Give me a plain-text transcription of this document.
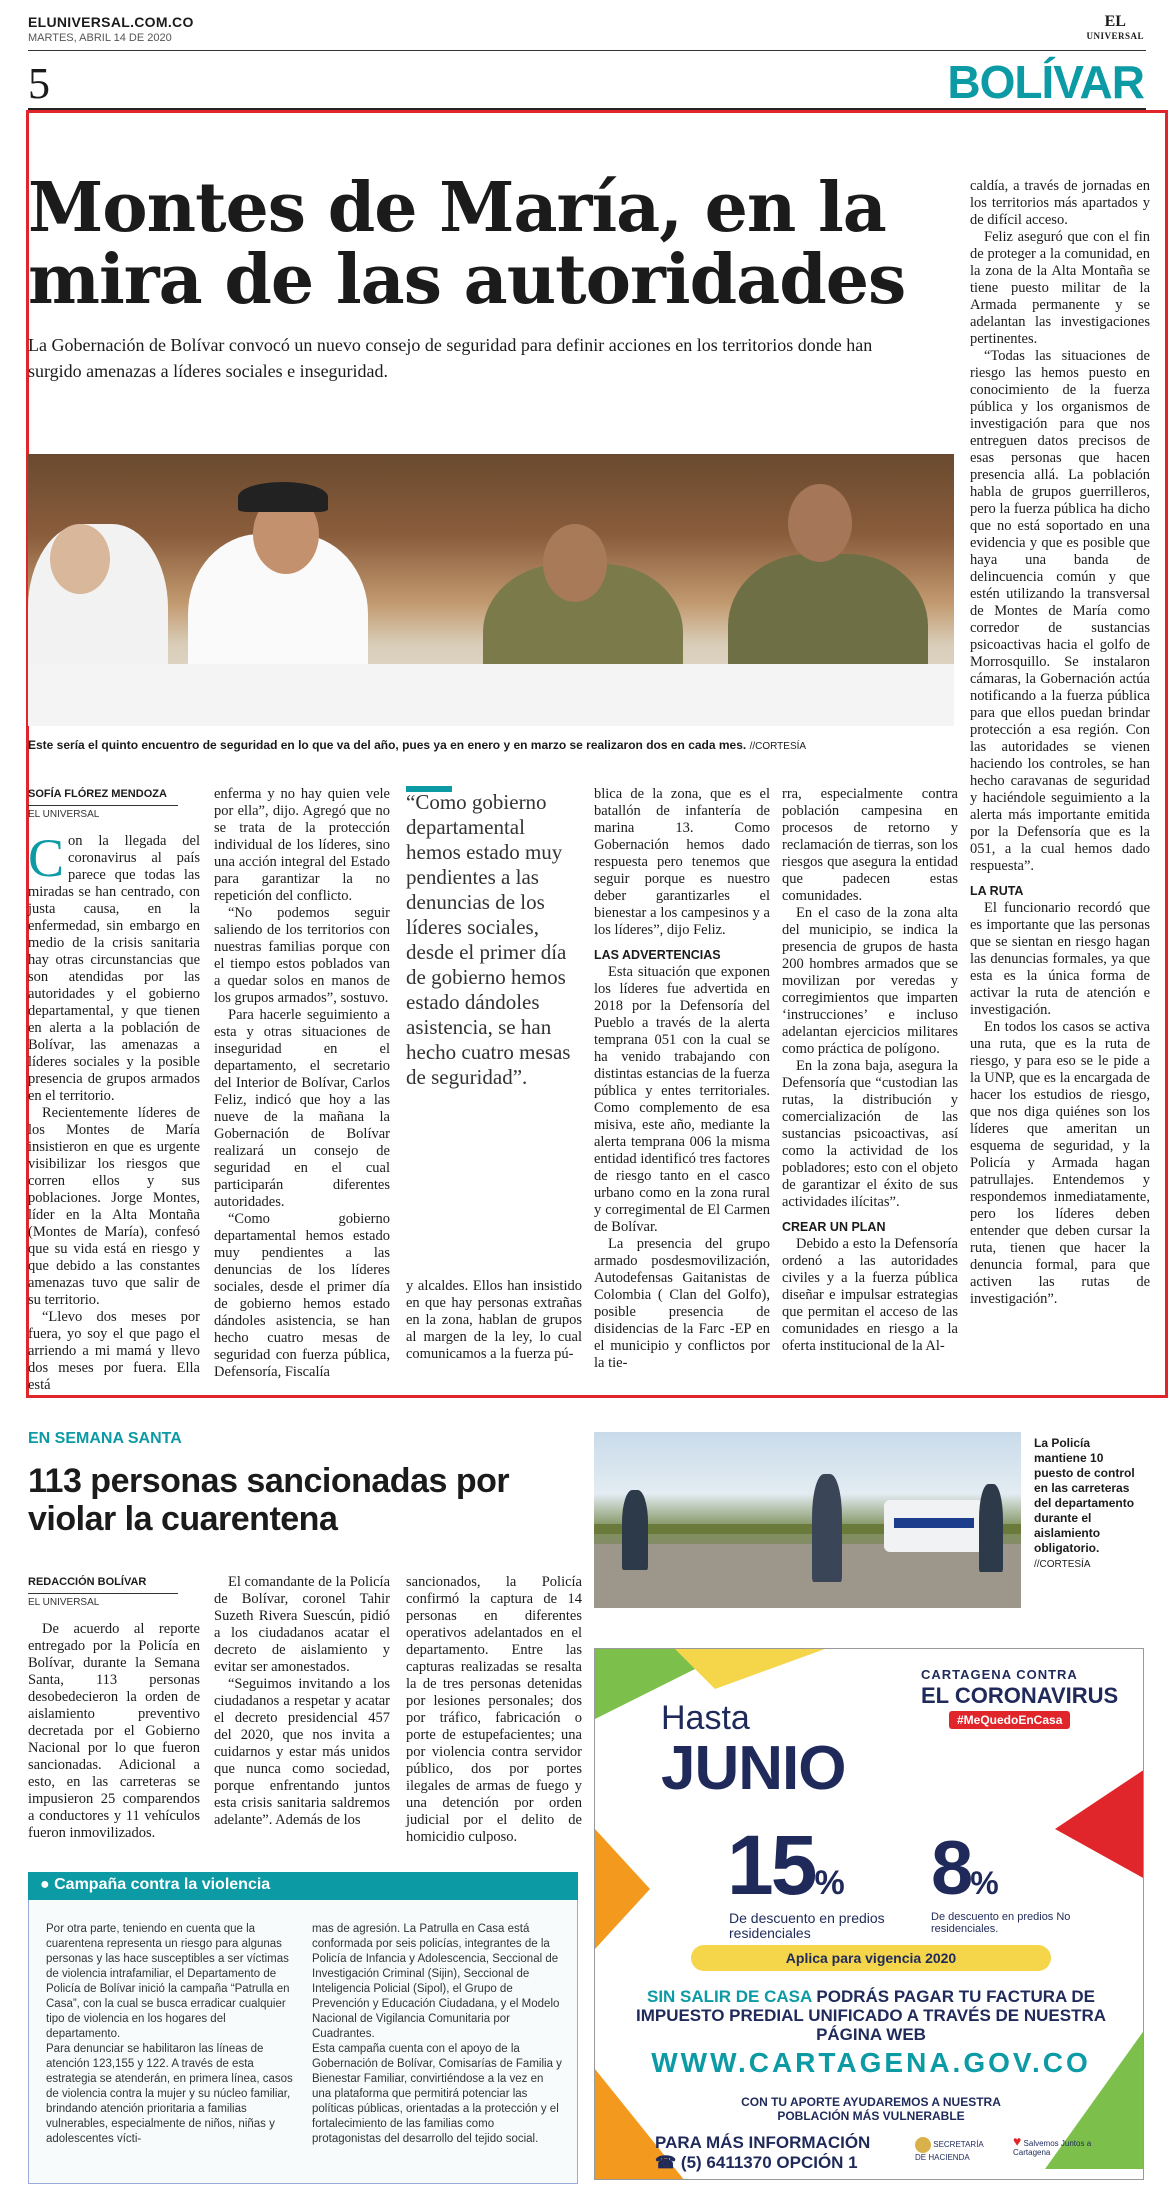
ELUNIVERSAL.COM.CO
MARTES, ABRIL 14 DE 2020
EL
UNIVERSAL
5	BOLÍVAR
Montes de María, en la mira de las autoridades
La Gobernación de Bolívar convocó un nuevo consejo de seguridad para definir acciones en los territorios donde han surgido amenazas a líderes sociales e inseguridad.
Este sería el quinto encuentro de seguridad en lo que va del año, pues ya en enero y en marzo se realizaron dos en cada mes. //CORTESÍA
SOFÍA FLÓREZ MENDOZA
EL UNIVERSAL
Con la llegada del coronavirus al país parece que todas las miradas se han centrado, con justa causa, en la enfermedad, sin embargo en medio de la crisis sanitaria hay otras circunstancias que son atendidas por las autoridades y el gobierno departamental, y que tienen en alerta a la población de Bolívar, las amenazas a líderes sociales y la posible presencia de grupos armados en el territorio.

Recientemente líderes de los Montes de María insistieron en que es urgente visibilizar los riesgos que corren ellos y sus poblaciones. Jorge Montes, líder en la Alta Montaña (Montes de María), confesó que su vida está en riesgo y que debido a las constantes amenazas tuvo que salir de su territorio.

“Llevo dos meses por fuera, yo soy el que pago el arriendo a mi mamá y llevo dos meses por fuera. Ella está

enferma y no hay quien vele por ella”, dijo. Agregó que no se trata de la protección individual de los líderes, sino una acción integral del Estado para garantizar la no repetición del conflicto.

“No podemos seguir saliendo de los territorios con nuestras familias porque con el tiempo estos poblados van a quedar solos en manos de los grupos armados”, sostuvo.

Para hacerle seguimiento a esta y otras situaciones de inseguridad en el departamento, el secretario del Interior de Bolívar, Carlos Feliz, indicó que hoy a las nueve de la mañana la Gobernación de Bolívar realizará un consejo de seguridad en el cual participarán diferentes autoridades.

“Como gobierno departamental hemos estado muy pendientes a las denuncias de los líderes sociales, desde el primer día de gobierno hemos estado dándoles asistencia, se han hecho cuatro mesas de seguridad con fuerza pública, Defensoría, Fiscalía

“Como gobierno departamental hemos estado muy pendientes a las denuncias de los líderes sociales, desde el primer día de gobierno hemos estado dándoles asistencia, se han hecho cuatro mesas de seguridad”.
y alcaldes. Ellos han insistido en que hay personas extrañas en la zona, hablan de grupos al margen de la ley, lo cual comunicamos a la fuerza pú-
blica de la zona, que es el batallón de infantería de marina 13. Como Gobernación hemos dado respuesta pero tenemos que seguir porque es nuestro deber garantizarles el bienestar a los campesinos y a los líderes”, dijo Feliz.
LAS ADVERTENCIAS

Esta situación que exponen los líderes fue advertida en 2018 por la Defensoría del Pueblo a través de la alerta temprana 051 con la cual se ha venido trabajando con distintas estancias de la fuerza pública y entes territoriales. Como complemento de esa misiva, este año, mediante la alerta temprana 006 la misma entidad identificó tres factores de riesgo tanto en el casco urbano como en la zona rural y corregimental de El Carmen de Bolívar.

La presencia del grupo armado posdesmovilización, Autodefensas Gaitanistas de Colombia ( Clan del Golfo), posible presencia de disidencias de la Farc -EP en el municipio y conflictos por la tie-

rra, especialmente contra población campesina en procesos de retorno y reclamación de tierras, son los riesgos que asegura la entidad que padecen estas comunidades.

En el caso de la zona alta del municipio, se indica la presencia de grupos de hasta 200 hombres armados que se movilizan por veredas y corregimientos que imparten ‘instrucciones’ e incluso adelantan ejercicios militares como práctica de polígono.

En la zona baja, asegura la Defensoría que “custodian las rutas, la distribución y comercialización de las sustancias psicoactivas, así como la actividad de los pobladores; esto con el objeto de garantizar el éxito de sus actividades ilícitas”.

CREAR UN PLAN

Debido a esto la Defensoría ordenó a las autoridades civiles y a la fuerza pública diseñar e impulsar estrategias que permitan el acceso de las comunidades en riesgo a la oferta institucional de la Al-

caldía, a través de jornadas en los territorios más apartados y de difícil acceso.

Feliz aseguró que con el fin de proteger a la comunidad, en la zona de la Alta Montaña se tiene puesto militar de la Armada permanente y se adelantan las investigaciones pertinentes.

“Todas las situaciones de riesgo las hemos puesto en conocimiento de la fuerza pública y los organismos de investigación para que nos entreguen datos precisos de esas personas que hacen presencia allá. La población habla de grupos guerrilleros, pero la fuerza pública ha dicho que no está soportado en una evidencia y que es posible que haya una banda de delincuencia común y que estén utilizando la transversal de Montes de María como corredor de sustancias psicoactivas hacia el golfo de Morrosquillo. Se instalaron cámaras, la Gobernación actúa notificando a la fuerza pública para que ellos puedan brindar protección a esa región. Con las autoridades se vienen haciendo los controles, se han hecho caravanas de seguridad y haciéndole seguimiento a la alerta más importante emitida por la Defensoría que es la 051, a la cual hemos dado respuesta”.

LA RUTA

El funcionario recordó que es importante que las personas que se sientan en riesgo hagan las denuncias formales, ya que esta es la única forma de activar la ruta de atención e investigación.

En todos los casos se activa una ruta, que es la ruta de riesgo, y para eso se le pide a la UNP, que es la encargada de hacer los estudios de riesgo, que nos diga quiénes son los líderes que ameritan un esquema de seguridad, y la Policía y Armada hagan patrullajes. Entendemos y respondemos inmediatamente, pero los líderes deben entender que deben cursar la ruta, tienen que hacer la denuncia formal, para que activen las rutas de investigación”.

EN SEMANA SANTA
113 personas sancionadas por violar la cuarentena
REDACCIÓN BOLÍVAR
EL UNIVERSAL

De acuerdo al reporte entregado por la Policía en Bolívar, durante la Semana Santa, 113 personas desobedecieron la orden de aislamiento preventivo decretada por el Gobierno Nacional por lo que fueron sancionadas. Adicional a esto, en las carreteras se impusieron 25 comparendos a conductores y 11 vehículos fueron inmovilizados.

El comandante de la Policía de Bolívar, coronel Tahir Suzeth Rivera Suescún, pidió a los ciudadanos acatar el decreto de aislamiento y evitar ser amonestados.

“Seguimos invitando a los ciudadanos a respetar y acatar el decreto presidencial 457 del 2020, que nos invita a cuidarnos y estar más unidos que nunca como sociedad, porque enfrentando juntos esta crisis sanitaria saldremos adelante”. Además de los

sancionados, la Policía confirmó la captura de 14 personas en diferentes operativos adelantados en el departamento. Entre las capturas realizadas se resalta la de tres personas detenidas por lesiones personales; dos por tráfico, fabricación o porte de estupefacientes; una por violencia contra servidor público, dos por portes ilegales de armas de fuego y una detención por orden judicial por el delito de homicidio culposo.
La Policía mantiene 10 puesto de control en las carreteras del departamento durante el aislamiento obligatorio. //CORTESÍA
● Campaña contra la violencia
Por otra parte, teniendo en cuenta que la cuarentena representa un riesgo para algunas personas y las hace susceptibles a ser víctimas de violencia intrafamiliar, el Departamento de Policía de Bolívar inició la campaña “Patrulla en Casa”, con la cual se busca erradicar cualquier tipo de violencia en los hogares del departamento.
Para denunciar se habilitaron las líneas de atención 123,155 y 122. A través de esta estrategia se atenderán, en primera línea, casos de violencia contra la mujer y su núcleo familiar, brindando atención prioritaria a familias vulnerables, especialmente de niños, niñas y adolescentes vícti-
mas de agresión. La Patrulla en Casa está conformada por seis policías, integrantes de la Policía de Infancia y Adolescencia, Seccional de Investigación Criminal (Sijin), Seccional de Inteligencia Policial (Sipol), el Grupo de Prevención y Educación Ciudadana, y el Modelo Nacional de Vigilancia Comunitaria por Cuadrantes.
Esta campaña cuenta con el apoyo de la Gobernación de Bolívar, Comisarías de Familia y Bienestar Familiar, convirtiéndose a la vez en una plataforma que permitirá potenciar las políticas públicas, orientadas a la protección y el fortalecimiento de las familias como protagonistas del desarrollo del tejido social.
CARTAGENA CONTRA
EL CORONAVIRUS
#MeQuedoEnCasa
Hasta
JUNIO
15%
De descuento en predios residenciales
8%
De descuento en predios No residenciales.
Aplica para vigencia 2020
SIN SALIR DE CASA PODRÁS PAGAR TU FACTURA DE IMPUESTO PREDIAL UNIFICADO A TRAVÉS DE NUESTRA PÁGINA WEB
WWW.CARTAGENA.GOV.CO
CON TU APORTE AYUDAREMOS A NUESTRA POBLACIÓN MÁS VULNERABLE
PARA MÁS INFORMACIÓN
☎ (5) 6411370 OPCIÓN 1
SECRETARÍA DE HACIENDA
♥ Salvemos Juntos a Cartagena
